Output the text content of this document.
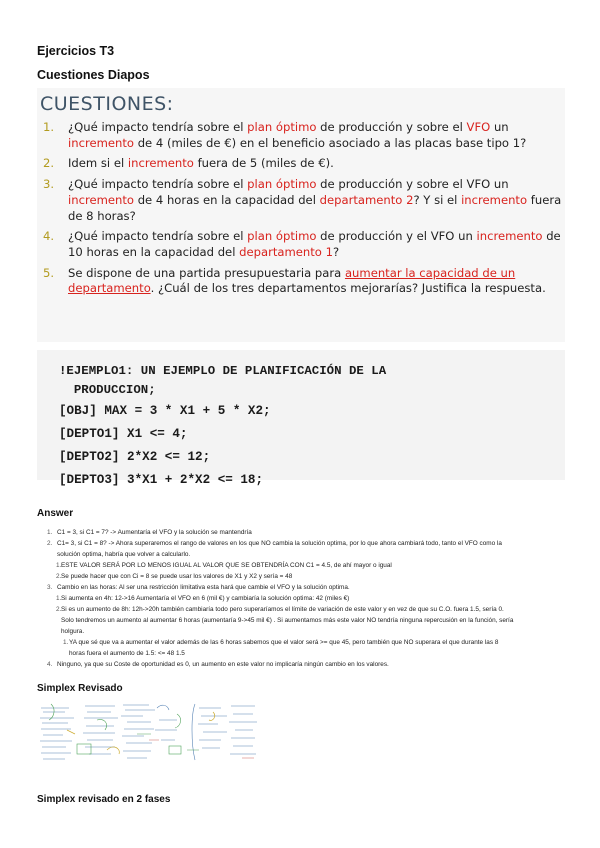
Ejercicios T3
Cuestiones Diapos
CUESTIONES:
1. ¿Qué impacto tendría sobre el plan óptimo de producción y sobre el VFO un incremento de 4 (miles de €) en el beneficio asociado a las placas base tipo 1?
2. Idem si el incremento fuera de 5 (miles de €).
3. ¿Qué impacto tendría sobre el plan óptimo de producción y sobre el VFO un incremento de 4 horas en la capacidad del departamento 2? Y si el incremento fuera de 8 horas?
4. ¿Qué impacto tendría sobre el plan óptimo de producción y el VFO un incremento de 10 horas en la capacidad del departamento 1?
5. Se dispone de una partida presupuestaria para aumentar la capacidad de un departamento. ¿Cuál de los tres departamentos mejorarías? Justifica la respuesta.
!EJEMPLO1: UN EJEMPLO DE PLANIFICACIÓN DE LA
PRODUCCION;
[OBJ] MAX = 3 * X1 + 5 * X2;
[DEPTO1] X1 <= 4;
[DEPTO2] 2*X2 <= 12;
[DEPTO3] 3*X1 + 2*X2 <= 18;
Answer
1. C1 = 3, si C1 = 7? -> Aumentaría el VFO y la solución se mantendría
2. C1= 3, si C1 = 8? -> Ahora superaremos el rango de valores en los que NO cambia la solución optima, por lo que ahora cambiará todo, tanto el VFO como la
solución optima, habría que volver a calcularlo.
1. ESTE VALOR SERÁ POR LO MENOS IGUAL AL VALOR QUE SE OBTENDRÍA CON C1 = 4.5, de ahí mayor o igual
2. Se puede hacer que con Ci = 8 se puede usar los valores de X1 y X2 y sería = 48
3. Cambio en las horas: Al ser una restricción limitativa esta hará que cambie el VFO y la solución optima.
1. Si aumenta en 4h: 12->16 Aumentaría el VFO en 6 (mil €) y cambiaría la solución optima: 42 (miles €)
2. Si es un aumento de 8h: 12h->20h también cambiaría todo pero superaríamos el límite de variación de este valor y en vez de que su C.O. fuera 1.5, sería 0.
Solo tendremos un aumento al aumentar 6 horas (aumentaría 9->45 mil €) . Si aumentamos más este valor NO tendría ninguna repercusión en la función, sería
holgura.
1. YA que sé que va a aumentar el valor además de las 6 horas sabemos que el valor será >= que 45, pero también que NO superara el que durante las 8
horas fuera el aumento de 1.5: <= 48 1.5
4. Ninguno, ya que su Coste de oportunidad es 0, un aumento en este valor no implicaría ningún cambio en los valores.
Simplex Revisado
Simplex revisado en 2 fases
